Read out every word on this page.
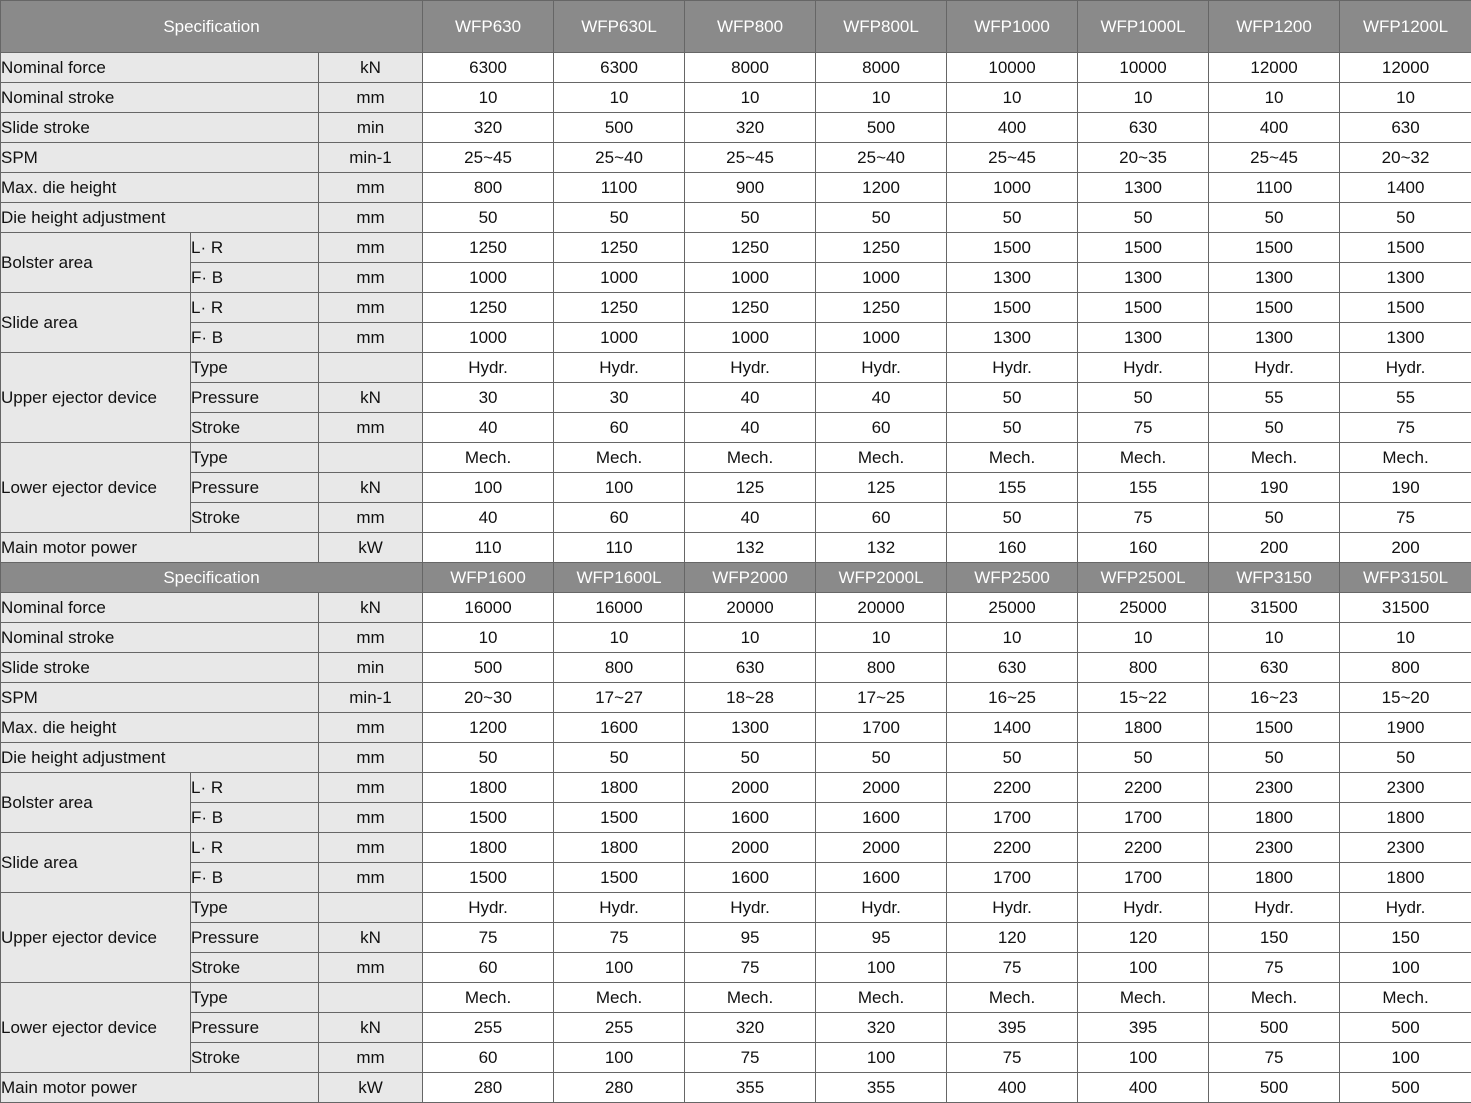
Specification			WFP630	WFP630L	WFP800	WFP800L	WFP1000	WFP1000L	WFP1200	WFP1200L
Nominal force		kN	6300	6300	8000	8000	10000	10000	12000	12000
Nominal stroke		mm	10	10	10	10	10	10	10	10
Slide stroke		min	320	500	320	500	400	630	400	630
SPM		min-1	25~45	25~40	25~45	25~40	25~45	20~35	25~45	20~32
Max. die height		mm	800	1100	900	1200	1000	1300	1100	1400
Die height adjustment		mm	50	50	50	50	50	50	50	50
Bolster area	L· R	mm	1250	1250	1250	1250	1500	1500	1500	1500
	F· B	mm	1000	1000	1000	1000	1300	1300	1300	1300
Slide area	L· R	mm	1250	1250	1250	1250	1500	1500	1500	1500
	F· B	mm	1000	1000	1000	1000	1300	1300	1300	1300
Upper ejector device	Type		Hydr.	Hydr.	Hydr.	Hydr.	Hydr.	Hydr.	Hydr.	Hydr.
	Pressure	kN	30	30	40	40	50	50	55	55
	Stroke	mm	40	60	40	60	50	75	50	75
Lower ejector device	Type		Mech.	Mech.	Mech.	Mech.	Mech.	Mech.	Mech.	Mech.
	Pressure	kN	100	100	125	125	155	155	190	190
	Stroke	mm	40	60	40	60	50	75	50	75
Main motor power		kW	110	110	132	132	160	160	200	200
Specification			WFP1600	WFP1600L	WFP2000	WFP2000L	WFP2500	WFP2500L	WFP3150	WFP3150L
Nominal force		kN	16000	16000	20000	20000	25000	25000	31500	31500
Nominal stroke		mm	10	10	10	10	10	10	10	10
Slide stroke		min	500	800	630	800	630	800	630	800
SPM		min-1	20~30	17~27	18~28	17~25	16~25	15~22	16~23	15~20
Max. die height		mm	1200	1600	1300	1700	1400	1800	1500	1900
Die height adjustment		mm	50	50	50	50	50	50	50	50
Bolster area	L· R	mm	1800	1800	2000	2000	2200	2200	2300	2300
	F· B	mm	1500	1500	1600	1600	1700	1700	1800	1800
Slide area	L· R	mm	1800	1800	2000	2000	2200	2200	2300	2300
	F· B	mm	1500	1500	1600	1600	1700	1700	1800	1800
Upper ejector device	Type		Hydr.	Hydr.	Hydr.	Hydr.	Hydr.	Hydr.	Hydr.	Hydr.
	Pressure	kN	75	75	95	95	120	120	150	150
	Stroke	mm	60	100	75	100	75	100	75	100
Lower ejector device	Type		Mech.	Mech.	Mech.	Mech.	Mech.	Mech.	Mech.	Mech.
	Pressure	kN	255	255	320	320	395	395	500	500
	Stroke	mm	60	100	75	100	75	100	75	100
Main motor power		kW	280	280	355	355	400	400	500	500
